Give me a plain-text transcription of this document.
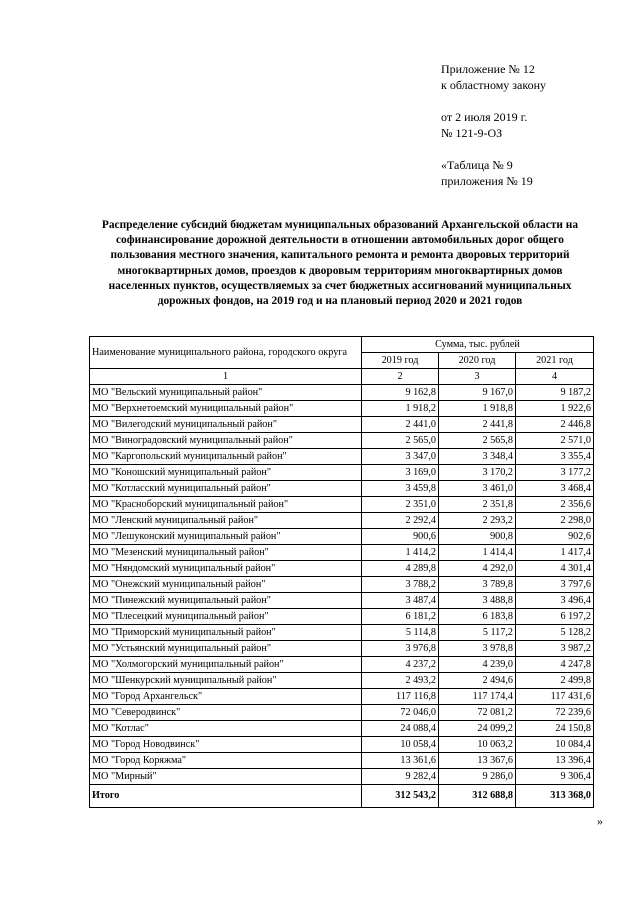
Приложение № 12
к областному закону
от 2 июля 2019 г.
№ 121-9-ОЗ
«Таблица № 9
приложения № 19
Распределение субсидий бюджетам муниципальных образований Архангельской области на софинансирование дорожной деятельности в отношении автомобильных дорог общего пользования местного значения, капитального ремонта и ремонта дворовых территорий многоквартирных домов, проездов к дворовым территориям многоквартирных домов населенных пунктов, осуществляемых за счет бюджетных ассигнований муниципальных дорожных фондов, на 2019 год и на плановый период 2020 и 2021 годов
Наименование муниципального района, городского округа	Сумма, тыс. рублей		
	2019 год	2020 год	2021 год
1	2	3	4
МО "Вельский муниципальный район"	9 162,8	9 167,0	9 187,2
МО "Верхнетоемский муниципальный район"	1 918,2	1 918,8	1 922,6
МО "Вилегодский муниципальный район"	2 441,0	2 441,8	2 446,8
МО "Виноградовский муниципальный район"	2 565,0	2 565,8	2 571,0
МО "Каргопольский муниципальный район"	3 347,0	3 348,4	3 355,4
МО "Коношский муниципальный район"	3 169,0	3 170,2	3 177,2
МО "Котласский муниципальный район"	3 459,8	3 461,0	3 468,4
МО "Красноборский муниципальный район"	2 351,0	2 351,8	2 356,6
МО "Ленский муниципальный район"	2 292,4	2 293,2	2 298,0
МО "Лешуконский муниципальный район"	900,6	900,8	902,6
МО "Мезенский муниципальный район"	1 414,2	1 414,4	1 417,4
МО "Няндомский муниципальный район"	4 289,8	4 292,0	4 301,4
МО "Онежский муниципальный район"	3 788,2	3 789,8	3 797,6
МО "Пинежский муниципальный район"	3 487,4	3 488,8	3 496,4
МО "Плесецкий муниципальный район"	6 181,2	6 183,8	6 197,2
МО "Приморский муниципальный район"	5 114,8	5 117,2	5 128,2
МО "Устьянский муниципальный район"	3 976,8	3 978,8	3 987,2
МО "Холмогорский муниципальный район"	4 237,2	4 239,0	4 247,8
МО "Шенкурский муниципальный район"	2 493,2	2 494,6	2 499,8
МО "Город Архангельск"	117 116,8	117 174,4	117 431,6
МО "Северодвинск"	72 046,0	72 081,2	72 239,6
МО "Котлас"	24 088,4	24 099,2	24 150,8
МО "Город Новодвинск"	10 058,4	10 063,2	10 084,4
МО "Город Коряжма"	13 361,6	13 367,6	13 396,4
МО "Мирный"	9 282,4	9 286,0	9 306,4
Итого	312 543,2	312 688,8	313 368,0
»
